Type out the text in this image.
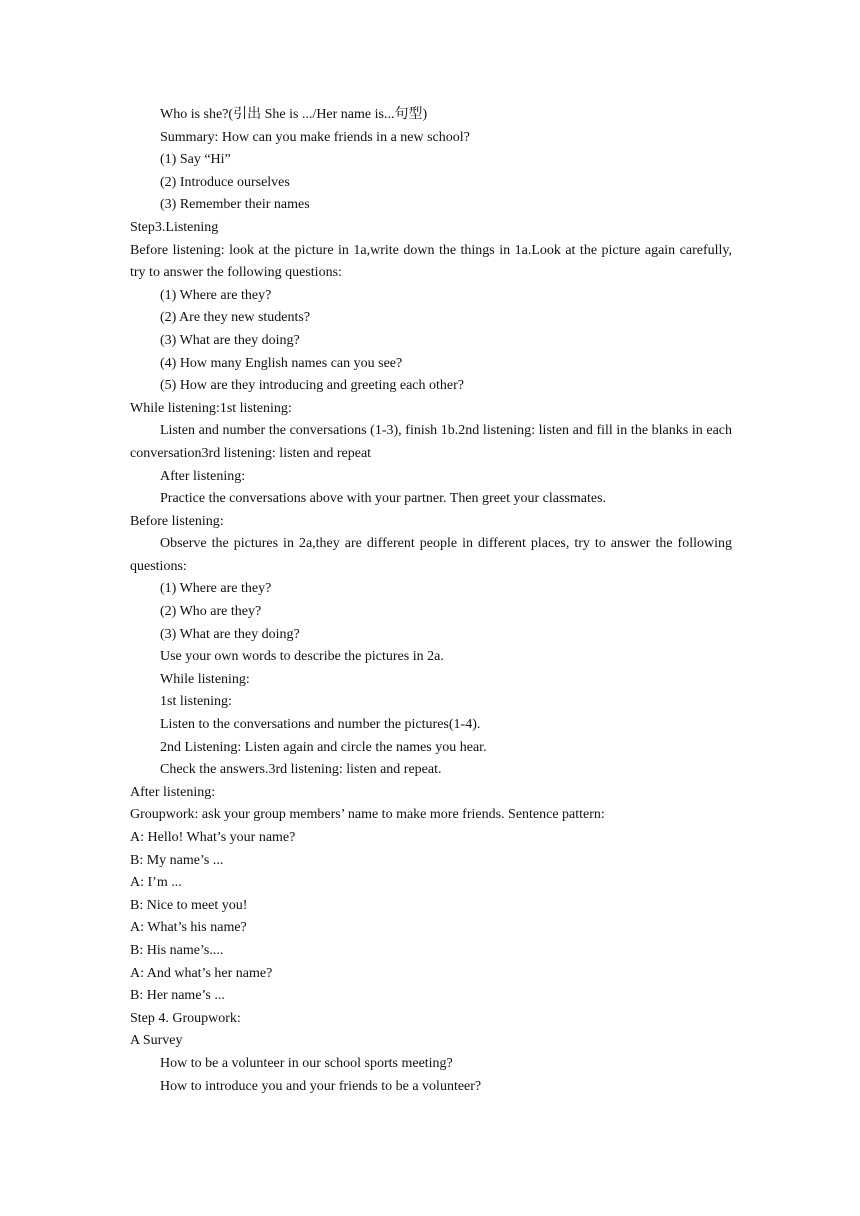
Who is she?(引出 She is .../Her name is...句型)

Summary: How can you make friends in a new school?

(1) Say “Hi”

(2) Introduce ourselves

(3) Remember their names

Step3.Listening

Before listening: look at the picture in 1a,write down the things in 1a.Look at the picture again carefully, try to answer the following questions:

(1) Where are they?

(2) Are they new students?

(3) What are they doing?

(4) How many English names can you see?

(5) How are they introducing and greeting each other?

While listening:1st listening:

Listen and number the conversations (1-3), finish 1b.2nd listening: listen and fill in the blanks in each conversation3rd listening: listen and repeat

After listening:

Practice the conversations above with your partner. Then greet your classmates.

Before listening:

Observe the pictures in 2a,they are different people in different places, try to answer the following questions:

(1) Where are they?

(2) Who are they?

(3) What are they doing?

Use your own words to describe the pictures in 2a.

While listening:

1st listening:

Listen to the conversations and number the pictures(1-4).

2nd Listening: Listen again and circle the names you hear.

Check the answers.3rd listening: listen and repeat.

After listening:

Groupwork: ask your group members’ name to make more friends. Sentence pattern:

A: Hello! What’s your name?

B: My name’s ...

A: I’m ...

B: Nice to meet you!

A: What’s his name?

B: His name’s....

A: And what’s her name?

B: Her name’s ...

Step 4. Groupwork:

A Survey

How to be a volunteer in our school sports meeting?

How to introduce you and your friends to be a volunteer?
